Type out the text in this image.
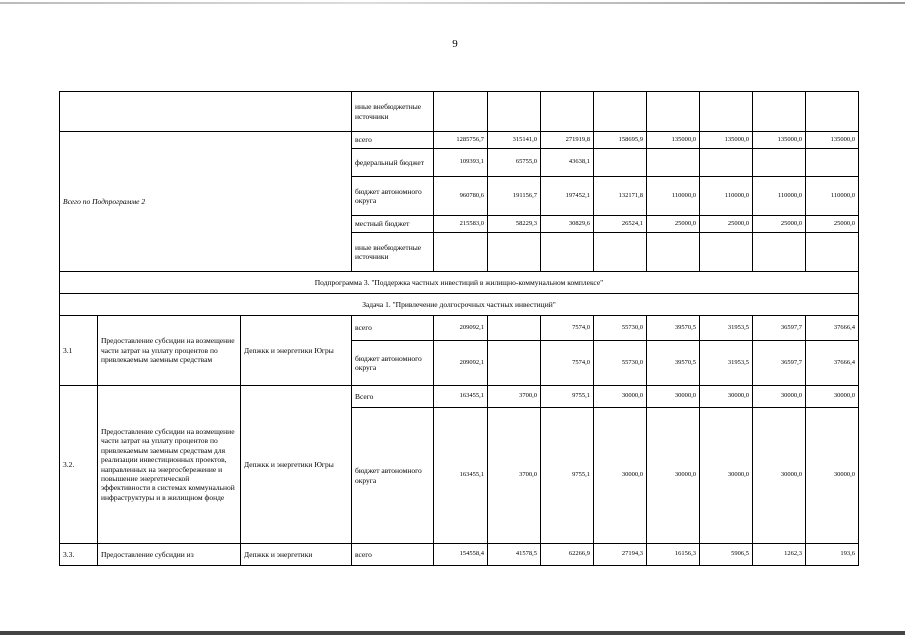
9
			иные внебюджетные источники								
Всего по Подпрограмме 2			всего	1285756,7	315141,0	271919,8	158695,9	135000,0	135000,0	135000,0	135000,0
			федеральный бюджет	109393,1	65755,0	43638,1					
			бюджет автономного округа	960780,6	191156,7	197452,1	132171,8	110000,0	110000,0	110000,0	110000,0
			местный бюджет	215583,0	58229,3	30829,6	26524,1	25000,0	25000,0	25000,0	25000,0
			иные внебюджетные источники								
Подпрограмма 3. "Поддержка частных инвестиций в жилищно-коммунальном комплексе"											
Задача 1. "Привлечение долгосрочных частных инвестиций"											
3.1	Предоставление субсидии на возмещение части затрат на уплату процентов по привлекаемым заемным средствам	Депжкк и энергетики Югры	всего	209092,1		7574,0	55730,0	39570,5	31953,5	36597,7	37666,4
			бюджет автономного округа	209092,1		7574,0	55730,0	39570,5	31953,5	36597,7	37666,4
3.2.	Предоставление субсидии на возмещение части затрат на уплату процентов по привлекаемым заемным средствам для реализации инвестиционных проектов, направленных на энергосбережение и повышение энергетической эффективности в системах коммунальной инфраструктуры и в жилищном фонде	Депжкк и энергетики Югры	Всего	163455,1	3700,0	9755,1	30000,0	30000,0	30000,0	30000,0	30000,0
			бюджет автономного округа	163455,1	3700,0	9755,1	30000,0	30000,0	30000,0	30000,0	30000,0
3.3.	Предоставление субсидии из	Депжкк и энергетики	всего	154558,4	41578,5	62266,9	27194,3	16156,3	5906,5	1262,3	193,6
